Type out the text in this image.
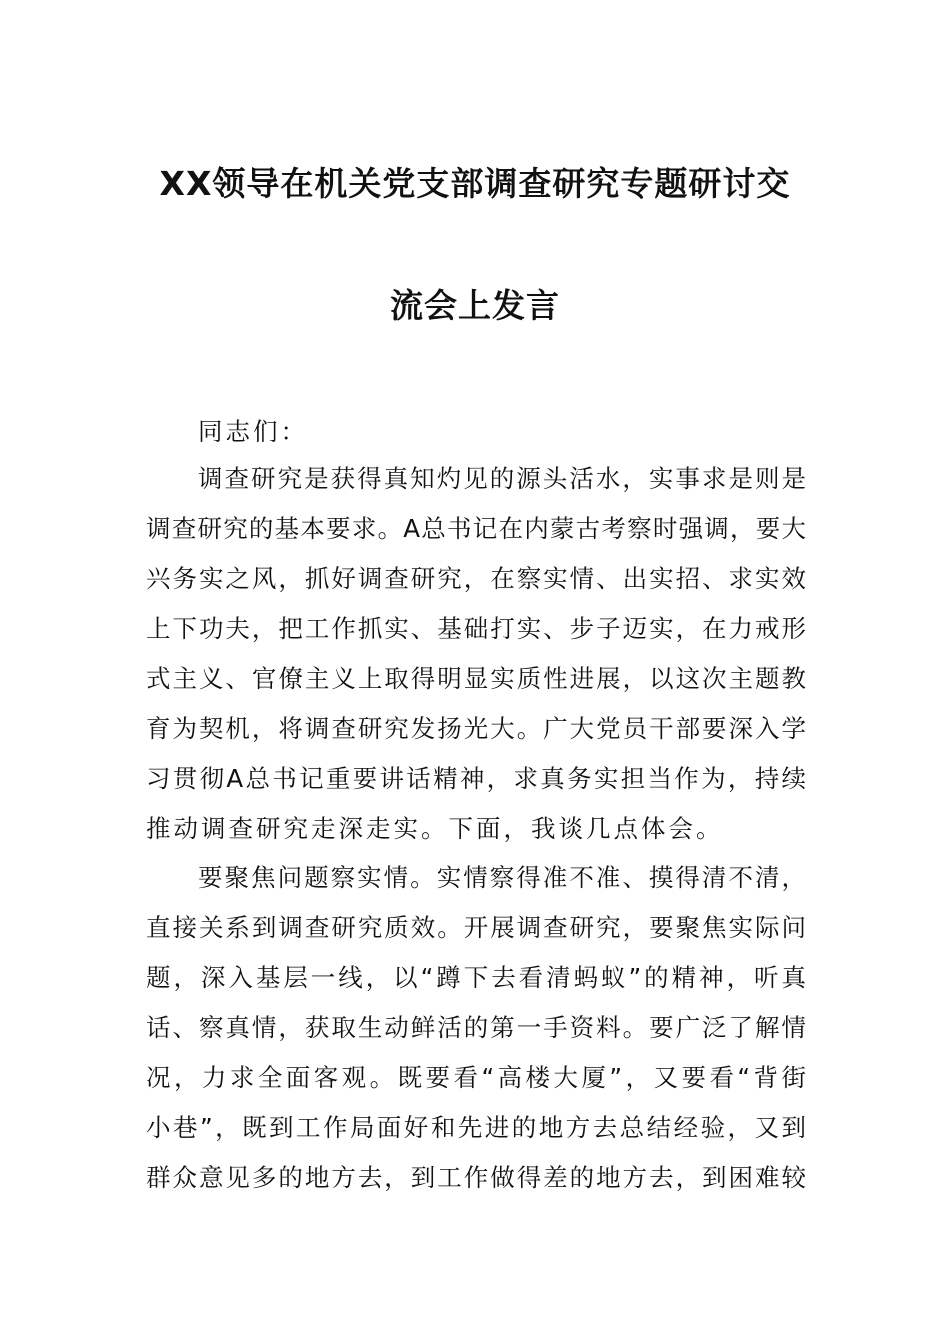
XX领导在机关党支部调查研究专题研讨交
流会上发言
同志们：
调查研究是获得真知灼见的源头活水，实事求是则是
调查研究的基本要求。A总书记在内蒙古考察时强调，要大
兴务实之风，抓好调查研究，在察实情、出实招、求实效
上下功夫，把工作抓实、基础打实、步子迈实，在力戒形
式主义、官僚主义上取得明显实质性进展，以这次主题教
育为契机，将调查研究发扬光大。广大党员干部要深入学
习贯彻A总书记重要讲话精神，求真务实担当作为，持续
推动调查研究走深走实。下面，我谈几点体会。
要聚焦问题察实情。实情察得准不准、摸得清不清，
直接关系到调查研究质效。开展调查研究，要聚焦实际问
题，深入基层一线，以“蹲下去看清蚂蚁”的精神，听真
话、察真情，获取生动鲜活的第一手资料。要广泛了解情
况，力求全面客观。既要看“高楼大厦”，又要看“背街
小巷”，既到工作局面好和先进的地方去总结经验，又到
群众意见多的地方去，到工作做得差的地方去，到困难较
